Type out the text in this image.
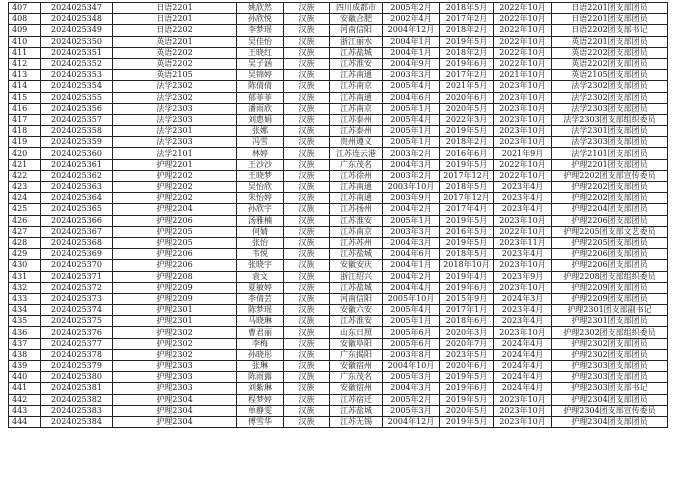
407	2024025347	日语2201	姚欣然	汉族	四川成都市	2005年2月	2018年5月	2022年10月	日语2201团支部团员
408	2024025348	日语2201	孙欣悦	汉族	安徽合肥	2002年4月	2017年2月	2022年10月	日语2201团支部团员
409	2024025349	日语2202	李梦瑶	汉族	河南信阳	2004年12月	2018年2月	2022年10月	日语2202团支部书记
410	2024025350	英语2201	吴佳怡	汉族	浙江丽水	2004年1月	2019年5月	2022年10月	英语2201团支部团员
411	2024025351	英语2202	王晓红	汉族	江苏盐城	2004年1月	2018年2月	2022年10月	英语2202团支部团员
412	2024025352	英语2202	吴子涵	汉族	江苏淮安	2004年9月	2019年6月	2022年10月	英语2202团支部团员
413	2024025353	英语2105	吴锦婷	汉族	江苏南通	2003年3月	2017年2月	2021年10月	英语2105团支部团员
414	2024025354	法学2302	陈倩倩	汉族	江苏南京	2005年4月	2021年5月	2023年10月	法学2302团支部团员
415	2024025355	法学2302	郁菲菲	汉族	江苏南通	2004年6月	2020年6月	2023年10月	法学2302团支部团员
416	2024025356	法学2303	潘雨欣	汉族	江苏南京	2005年1月	2020年5月	2023年10月	法学2303团支部团员
417	2024025357	法学2303	刘惠娟	汉族	江苏泰州	2005年4月	2022年3月	2023年10月	法学2303团支部组织委员
418	2024025358	法学2301	张娜	汉族	江苏泰州	2005年1月	2019年5月	2023年10月	法学2301团支部团员
419	2024025359	法学2303	冯雪	汉族	贵州遵义	2005年1月	2018年2月	2023年10月	法学2303团支部团员
420	2024025360	法学2101	林婷	汉族	江苏连云港	2003年2月	2016年6月	2021年9月	法学2101团支部团员
421	2024025361	护理2201	王沙沙	汉族	广东茂名	2004年3月	2019年5月	2022年10月	护理2201团支部团员
422	2024025362	护理2202	王晓梦	汉族	江苏徐州	2003年2月	2017年12月	2022年10月	护理2202团支部宣传委员
423	2024025363	护理2202	吴怡欣	汉族	江苏南通	2003年10月	2018年5月	2023年4月	护理2202团支部团员
424	2024025364	护理2202	朱怡婷	汉族	江苏南通	2003年9月	2017年12月	2023年4月	护理2202团支部团员
425	2024025365	护理2204	孙欣宇	汉族	江苏扬州	2004年2月	2017年4月	2023年4月	护理2204团支部团员
426	2024025366	护理2206	汤雅楠	汉族	江苏淮安	2005年1月	2019年5月	2023年10月	护理2206团支部团员
427	2024025367	护理2205	何婧	汉族	江苏南京	2003年3月	2016年5月	2022年10月	护理2205团支部文艺委员
428	2024025368	护理2205	张怡	汉族	江苏苏州	2004年3月	2019年5月	2023年11月	护理2205团支部团员
429	2024025369	护理2206	韦悦	汉族	江苏盐城	2004年6月	2018年5月	2023年4月	护理2206团支部团员
430	2024025370	护理2206	张晓宇	汉族	安徽安庆	2004年1月	2018年10月	2023年10月	护理2206团支部团员
431	2024025371	护理2208	袁文	汉族	浙江绍兴	2004年2月	2019年4月	2023年9月	护理2208团支部组织委员
432	2024025372	护理2209	夏敏婷	汉族	江苏盐城	2004年4月	2019年6月	2023年10月	护理2209团支部团员
433	2024025373	护理2209	李倩芸	汉族	河南信阳	2005年10月	2015年9月	2024年3月	护理2209团支部团员
434	2024025374	护理2301	陈梦瑶	汉族	安徽六安	2005年4月	2017年1月	2023年4月	护理2301团支部副书记
435	2024025375	护理2301	马晓琳	汉族	江苏淮安	2005年1月	2018年6月	2023年4月	护理2301团支部团员
436	2024025376	护理2302	曹君丽	汉族	山东日照	2005年6月	2020年3月	2023年10月	护理2302团支部组织委员
437	2024025377	护理2302	李梅	汉族	安徽阜阳	2005年6月	2020年7月	2024年4月	护理2302团支部团员
438	2024025378	护理2302	孙晓彤	汉族	广东揭阳	2003年8月	2023年5月	2024年4月	护理2302团支部团员
439	2024025379	护理2303	张琳	汉族	安徽宿州	2004年10月	2020年6月	2024年4月	护理2303团支部团员
440	2024025380	护理2303	陈雨露	汉族	广东茂名	2005年3月	2019年5月	2024年4月	护理2303团支部团员
441	2024025381	护理2303	刘紫琳	汉族	安徽宿州	2004年3月	2019年6月	2024年4月	护理2303团支部书记
442	2024025382	护理2304	程梦婷	汉族	江苏宿迁	2005年2月	2019年5月	2023年10月	护理2304团支部团员
443	2024025383	护理2304	单静雯	汉族	江苏盐城	2005年3月	2020年5月	2023年10月	护理2304团支部宣传委员
444	2024025384	护理2304	傅雪华	汉族	江苏无锡	2004年12月	2019年5月	2023年10月	护理2304团支部团员
